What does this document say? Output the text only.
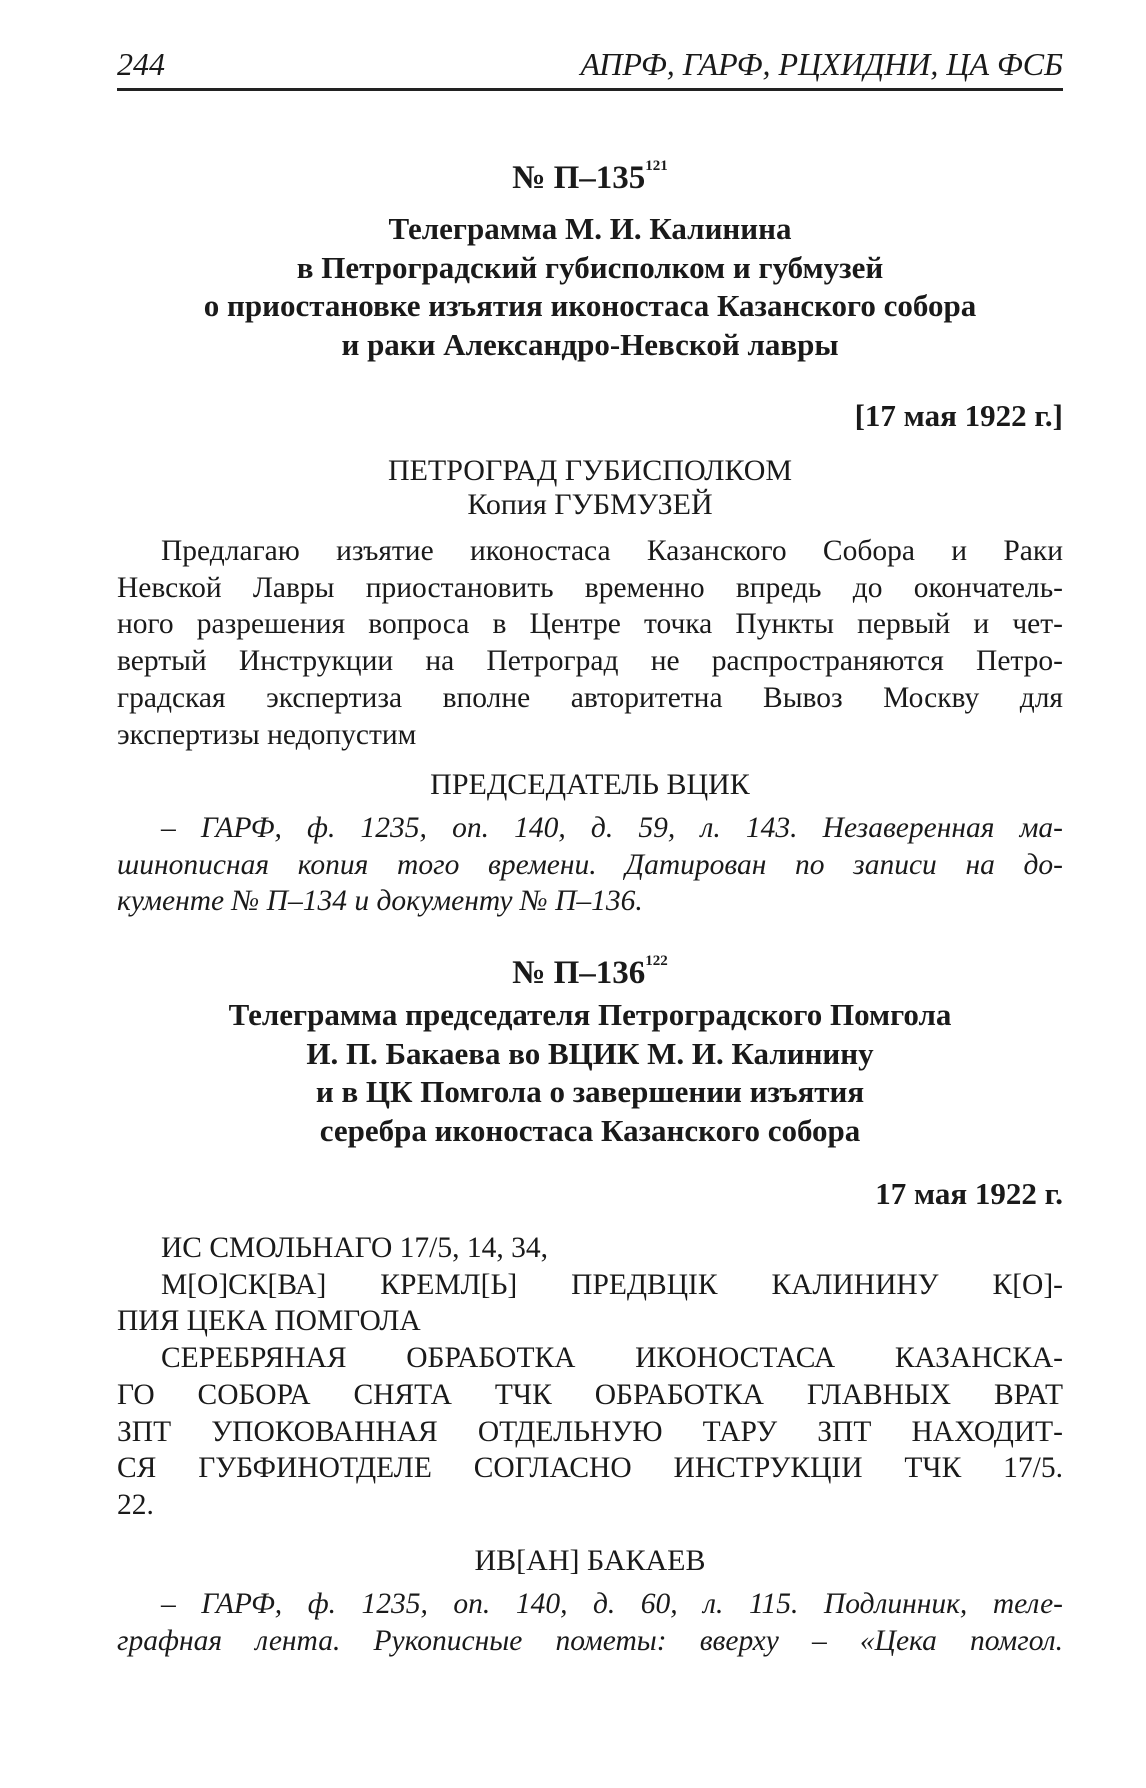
244	АПРФ, ГАРФ, РЦХИДНИ, ЦА ФСБ
№ $П-135^{121}$
Телеграмма М. И. Калинина
в Петроградский губисполком и губмузей
о приостановке изъятия иконостаса Казанского собора
и раки Александро-Невской лавры
[17 мая 1922 г.]
ПЕТРОГРАД ГУБИСПОЛКОМ
Копия ГУБМУЗЕЙ
Предлагаю изъятие иконостаса Казанского Собора и Раки
Невской Лавры приостановить временно впредь до окончатель-
ного разрешения вопроса в Центре точка Пункты первый и чет-
вертый Инструкции на Петроград не распространяются Петро-
градская экспертиза вполне авторитетна Вывоз Москву для
экспертизы недопустим
ПРЕДСЕДАТЕЛЬ ВЦИК
– ГАРФ, ф. 1235, оп. 140, д. 59, л. 143. Незаверенная ма-
шинописная копия того времени. Датирован по записи на до-
кументе № П–134 и документу № П–136.
№ $П-136^{122}$
Телеграмма председателя Петроградского Помгола
И. П. Бакаева во ВЦИК М. И. Калинину
и в ЦК Помгола о завершении изъятия
серебра иконостаса Казанского собора
17 мая 1922 г.
ИС СМОЛЬНАГО 17/5, 14, 34,
М[О]СК[ВА] КРЕМЛ[Ь] ПРЕДВЦIК КАЛИНИНУ К[О]-
ПИЯ ЦЕКА ПОМГОЛА
СЕРЕБРЯНАЯ ОБРАБОТКА ИКОНОСТАСА КАЗАНСКА-
ГО СОБОРА СНЯТА ТЧК ОБРАБОТКА ГЛАВНЫХ ВРАТ
ЗПТ УПОКОВАННАЯ ОТДЕЛЬНУЮ ТАРУ ЗПТ НАХОДИТ-
СЯ ГУБФИНОТДЕЛЕ СОГЛАСНО ИНСТРУКЦIИ ТЧК 17/5.
22.
ИВ[АН] БАКАЕВ
– ГАРФ, ф. 1235, оп. 140, д. 60, л. 115. Подлинник, теле-
графная лента. Рукописные пометы: вверху – «Цека помгол.
